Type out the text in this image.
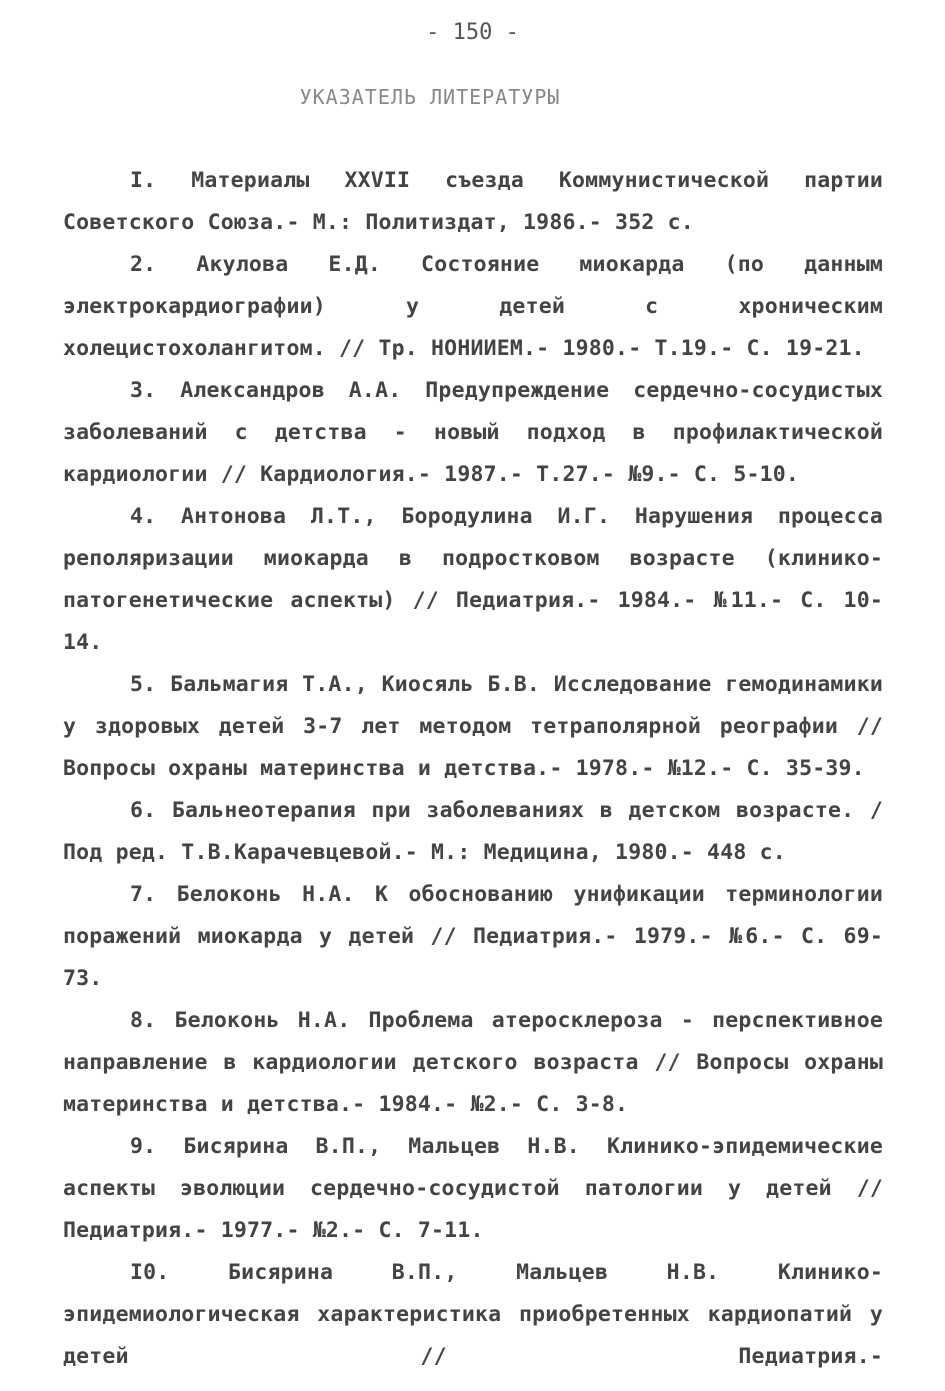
- 150 -
УКАЗАТЕЛЬ ЛИТЕРАТУРЫ

I. Материалы XXVII съезда Коммунистической партии Советского Союза.- М.: Политиздат, 1986.- 352 с.

2. Акулова Е.Д. Состояние миокарда (по данным электрокардиографии) у детей с хроническим холецистохолангитом. // Тр. НОНИИЕМ.- 1980.- Т.19.- С. 19-21.

3. Александров А.А. Предупреждение сердечно-сосудистых заболеваний с детства - новый подход в профилактической кардиологии // Кардиология.- 1987.- Т.27.- №9.- С. 5-10.

4. Антонова Л.Т., Бородулина И.Г. Нарушения процесса реполяризации миокарда в подростковом возрасте (клинико-патогенетические аспекты) // Педиатрия.- 1984.- №11.- С. 10-14.

5. Бальмагия Т.А., Киосяль Б.В. Исследование гемодинамики у здоровых детей 3-7 лет методом тетраполярной реографии // Вопросы охраны материнства и детства.- 1978.- №12.- С. 35-39.

6. Бальнеотерапия при заболеваниях в детском возрасте. / Под ред. Т.В.Карачевцевой.- М.: Медицина, 1980.- 448 с.

7. Белоконь Н.А. К обоснованию унификации терминологии поражений миокарда у детей // Педиатрия.- 1979.- №6.- С. 69-73.

8. Белоконь Н.А. Проблема атеросклероза - перспективное направление в кардиологии детского возраста // Вопросы охраны материнства и детства.- 1984.- №2.- С. 3-8.

9. Бисярина В.П., Мальцев Н.В. Клинико-эпидемические аспекты эволюции сердечно-сосудистой патологии у детей // Педиатрия.- 1977.- №2.- С. 7-11.

I0.	Бисярина В.П., Мальцев Н.В. Клинико-эпидемиологическая характеристика приобретенных кардиопатий у детей // Педиатрия.-
